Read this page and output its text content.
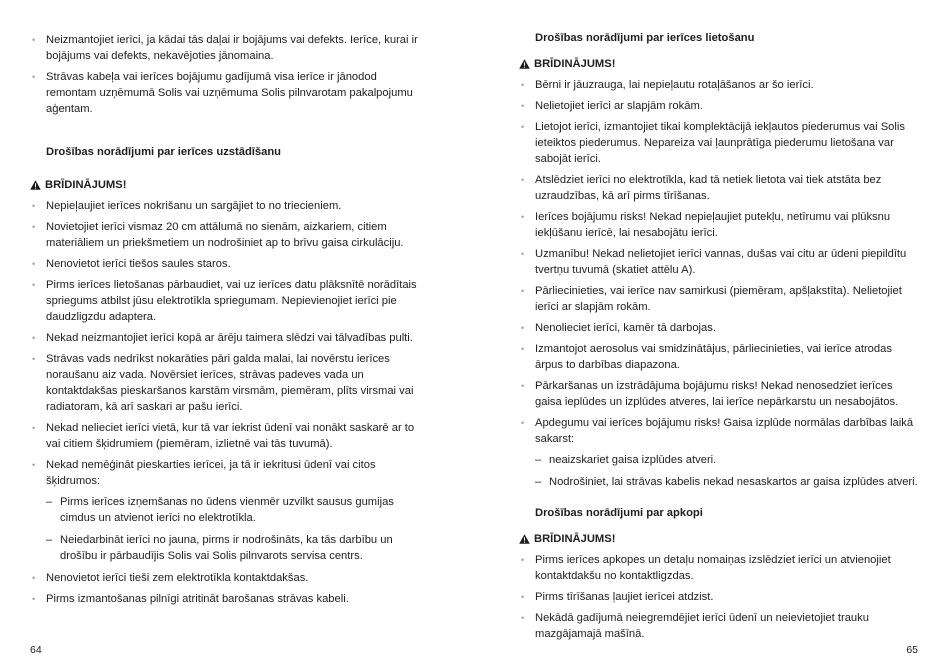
• Neizmantojiet ierīci, ja kādai tās daļai ir bojājums vai defekts. Ierīce, kurai ir bojājums vai defekts, nekavējoties jānomaina.
• Strāvas kabeļa vai ierīces bojājumu gadījumā visa ierīce ir jānodod remontam uzņēmumā Solis vai uzņēmuma Solis pilnvarotam pakalpojumu aģentam.
Drošības norādījumi par ierīces uzstādīšanu
BRĪDINĀJUMS!
• Nepieļaujiet ierīces nokrišanu un sargājiet to no triecieniem.
• Novietojiet ierīci vismaz 20 cm attālumā no sienām, aizkariem, citiem materiāliem un priekšmetiem un nodrošiniet ap to brīvu gaisa cirkulāciju.
• Nenovietot ierīci tiešos saules staros.
• Pirms ierīces lietošanas pārbaudiet, vai uz ierīces datu plāksnītē norādītais spriegums atbilst jūsu elektrotīkla spriegumam. Nepievienojiet ierīci pie daudzligzdu adaptera.
• Nekad neizmantojiet ierīci kopā ar ārēju taimera slēdzi vai tālvadības pulti.
• Strāvas vads nedrīkst nokarāties pāri galda malai, lai novērstu ierīces noraušanu aiz vada. Novērsiet ierīces, strāvas padeves vada un kontaktdakšas pieskaršanos karstām virsmām, piemēram, plīts virsmai vai radiatoram, kā arī saskari ar pašu ierīci.
• Nekad nelieciet ierīci vietā, kur tā var iekrist ūdenī vai nonākt saskarē ar to vai citiem šķidrumiem (piemēram, izlietnē vai tās tuvumā).
• Nekad nemēģināt pieskarties ierīcei, ja tā ir iekritusi ūdenī vai citos šķidrumos:
– Pirms ierīces izņemšanas no ūdens vienmēr uzvilkt sausus gumijas cimdus un atvienot ierīci no elektrotīkla.
– Neiedarbināt ierīci no jauna, pirms ir nodrošināts, ka tās darbību un drošību ir pārbaudījis Solis vai Solis pilnvarots servisa centrs.
• Nenovietot ierīci tieši zem elektrotīkla kontaktdakšas.
• Pirms izmantošanas pilnīgi atritināt barošanas strāvas kabeli.
64
Drošības norādījumi par ierīces lietošanu
BRĪDINĀJUMS!
• Bērni ir jāuzrauga, lai nepieļautu rotaļāšanos ar šo ierīci.
• Nelietojiet ierīci ar slapjām rokām.
• Lietojot ierīci, izmantojiet tikai komplektācijā iekļautos piederumus vai Solis ieteiktos piederumus. Nepareiza vai ļaunprātīga piederumu lietošana var sabojāt ierīci.
• Atslēdziet ierīci no elektrotīkla, kad tā netiek lietota vai tiek atstāta bez uzraudzības, kā arī pirms tīrīšanas.
• Ierīces bojājumu risks! Nekad nepieļaujiet putekļu, netīrumu vai plūksnu iekļūšanu ierīcē, lai nesabojātu ierīci.
• Uzmanību! Nekad nelietojiet ierīci vannas, dušas vai citu ar ūdeni piepildītu tvertņu tuvumā (skatiet attēlu A).
• Pārliecinieties, vai ierīce nav samirkusi (piemēram, apšļakstīta). Nelietojiet ierīci ar slapjām rokām.
• Nenolieciet ierīci, kamēr tā darbojas.
• Izmantojot aerosolus vai smidzinātājus, pārliecinieties, vai ierīce atrodas ārpus to darbības diapazona.
• Pārkaršanas un izstrādājuma bojājumu risks! Nekad nenosedziet ierīces gaisa ieplūdes un izplūdes atveres, lai ierīce nepārkarstu un nesabojātos.
• Apdegumu vai ierīces bojājumu risks! Gaisa izplūde normālas darbības laikā sakarst:
– neaizskariet gaisa izplūdes atveri.
– Nodrošiniet, lai strāvas kabelis nekad nesaskartos ar gaisa izplūdes atveri.
Drošības norādījumi par apkopi
BRĪDINĀJUMS!
• Pirms ierīces apkopes un detaļu nomaiņas izslēdziet ierīci un atvienojiet kontaktdakšu no kontaktligzdas.
• Pirms tīrīšanas ļaujiet ierīcei atdzist.
• Nekādā gadījumā neiegremdējiet ierīci ūdenī un neievietojiet trauku mazgājamajā mašīnā.
65
